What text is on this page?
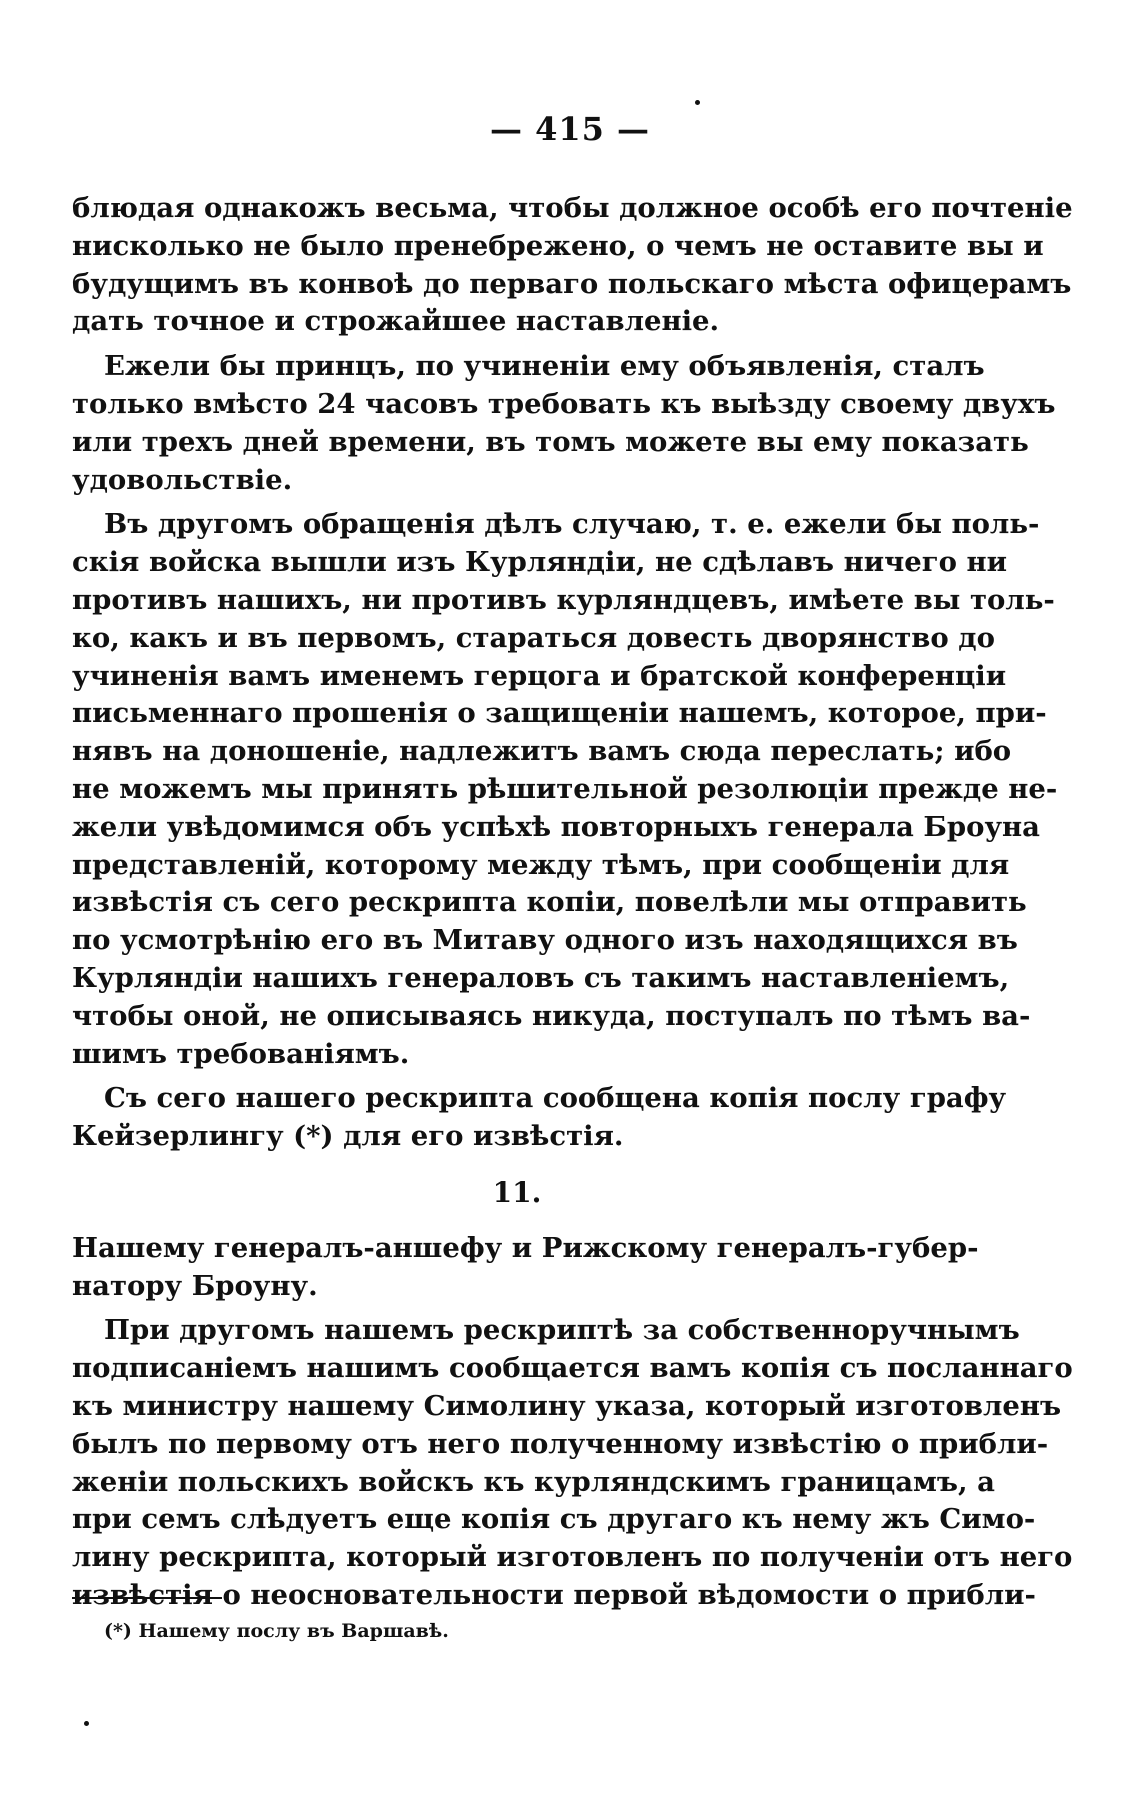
— 415 —
блюдая однакожъ весьма, чтобы должное особѣ его почтенiе
нисколько не было пренебрежено, о чемъ не оставите вы и
будущимъ въ конвоѣ до перваго польскаго мѣста офицерамъ
дать точное и строжайшее наставленiе.
Ежели бы принцъ, по учиненiи ему объявленiя, сталъ
только вмѣсто 24 часовъ требовать къ выѣзду своему двухъ
или трехъ дней времени, въ томъ можете вы ему показать
удовольствiе.
Въ другомъ обращенiя дѣлъ случаю, т. е. ежели бы поль-
скiя войска вышли изъ Курляндiи, не сдѣлавъ ничего ни
противъ нашихъ, ни противъ курляндцевъ, имѣете вы толь-
ко, какъ и въ первомъ, стараться довесть дворянство до
учиненiя вамъ именемъ герцога и братской конференцiи
письменнаго прошенiя о защищенiи нашемъ, которое, при-
нявъ на доношенiе, надлежитъ вамъ сюда переслать; ибо
не можемъ мы принять рѣшительной резолюцiи прежде не-
жели увѣдомимся объ успѣхѣ повторныхъ генерала Броуна
представленiй, которому между тѣмъ, при сообщенiи для
извѣстiя съ сего рескрипта копiи, повелѣли мы отправить
по усмотрѣнiю его въ Митаву одного изъ находящихся въ
Курляндiи нашихъ генераловъ съ такимъ наставленiемъ,
чтобы оной, не описываясь никуда, поступалъ по тѣмъ ва-
шимъ требованiямъ.
Съ сего нашего рескрипта сообщена копiя послу графу
Кейзерлингу (*) для его извѣстiя.
11.
Нашему генералъ-аншефу и Рижскому генералъ-губер-
натору Броуну.
При другомъ нашемъ рескриптѣ за собственноручнымъ
подписанiемъ нашимъ сообщается вамъ копiя съ посланнаго
къ министру нашему Симолину указа, который изготовленъ
былъ по первому отъ него полученному извѣстiю о прибли-
женiи польскихъ войскъ къ курляндскимъ границамъ, а
при семъ слѣдуетъ еще копiя съ другаго къ нему жъ Симо-
лину рескрипта, который изготовленъ по полученiи отъ него
извѣстiя о неосновательности первой вѣдомости о прибли-
(*) Нашему послу въ Варшавѣ.
